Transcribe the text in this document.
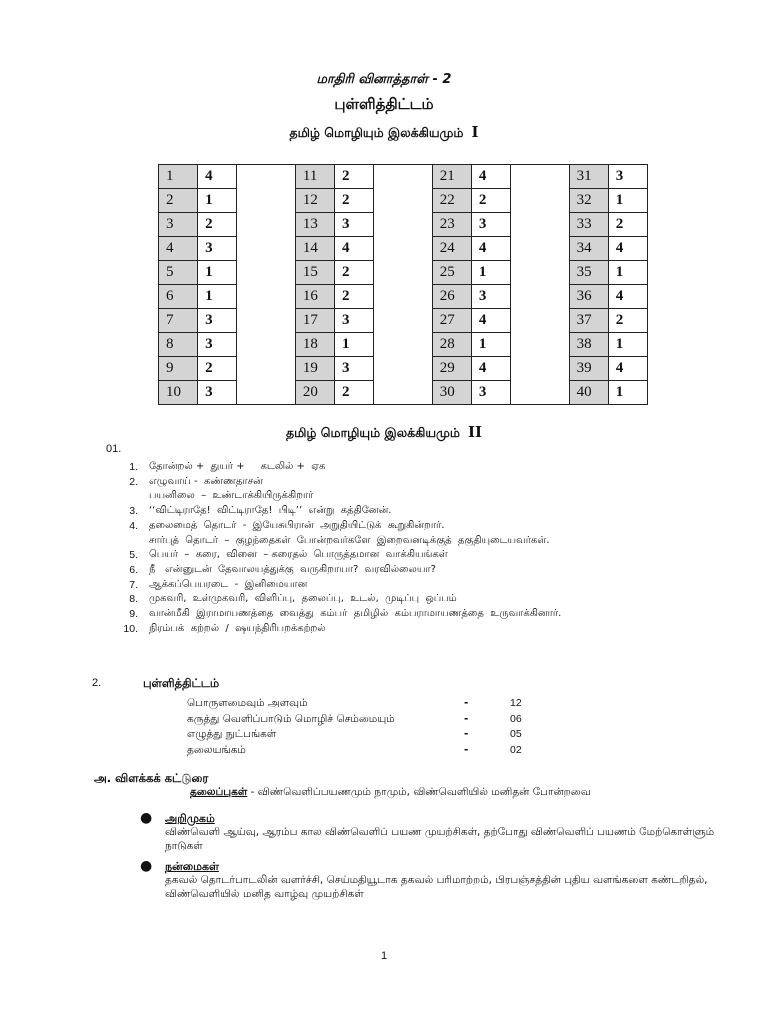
மாதிரி வினாத்தாள் - 2
புள்ளித்திட்டம்
தமிழ் மொழியும் இலக்கியமும் I
1	4		11	2		21	4		31	3
2	1		12	2		22	2		32	1
3	2		13	3		23	3		33	2
4	3		14	4		24	4		34	4
5	1		15	2		25	1		35	1
6	1		16	2		26	3		36	4
7	3		17	3		27	4		37	2
8	3		18	1		28	1		38	1
9	2		19	3		29	4		39	4
10	3		20	2		30	3		40	1
தமிழ் மொழியும் இலக்கியமும் II
01.
1.	தோன்றல் +  துயர் +     கடலில் +  ஏக
2.	எழுவாய் -  கண்ணதாசன்
பயனிலை  –  உண்டாக்கியிருக்கிறார்
3.	‘‘விட்டிராதே!  விட்டிராதே!  பிடி’’  என்று  கத்தினேன்.
4.	தலைமைத்  தொடர்  -  இயேசுபிரான்  அறுதியிட்டுக்  கூறுகின்றார்.
சார்புத்  தொடர்  –  குழந்தைகள்  போன்றவர்களே  இறைவனடிக்குத்  தகுதியுடையவர்கள்.
5.	பெயர்  –  கரை,  வினை  – கரைதல்  பொருத்தமான  வாக்கியங்கள்
6.	நீ   என்னுடன்  தேவாலயத்துக்கு  வருகிறாயா?  வரவில்லையா?
7.	ஆக்கப்பெயரடை  -  இனிமையான
8.	முகவரி,  உள்முகவரி,  விளிப்பு,  தலைப்பு,  உடல்,  முடிப்பு  ஒப்பம்
9.	வான்மீகி  இராமாயணத்தை  வைத்து  கம்பர்  தமிழில்  கம்பராமாயணத்தை  உருவாக்கினார்.
10.	நிரம்பக்  கற்றல்  /  ஷயந்திரிபறக்கற்றல்
2.	புள்ளித்திட்டம்
பொருளமைவும் அளவும்	-	12
கருத்து வெளிப்பாடும் மொழிச் செம்மையும்	-	06
எழுத்து நுட்பங்கள்	-	05
தலையங்கம்	-	02
அ. விளக்கக் கட்டுரை
தலைப்புகள் - விண்வெளிப்பயணமும் நாமும், விண்வெளியில் மனிதன் போன்றவை
● அறிமுகம்
விண்வெளி ஆய்வு, ஆரம்ப கால விண்வெளிப் பயண முயற்சிகள், தற்போது விண்வெளிப் பயணம் மேற்கொள்ளும் நாடுகள்
● நன்மைகள்
தகவல் தொடர்பாடலின் வளர்ச்சி, செய்மதியூடாக தகவல் பரிமாற்றம், பிரபஞ்சத்தின் புதிய வளங்களை கண்டறிதல், விண்வெளியில் மனித வாழ்வு முயற்சிகள்
1
